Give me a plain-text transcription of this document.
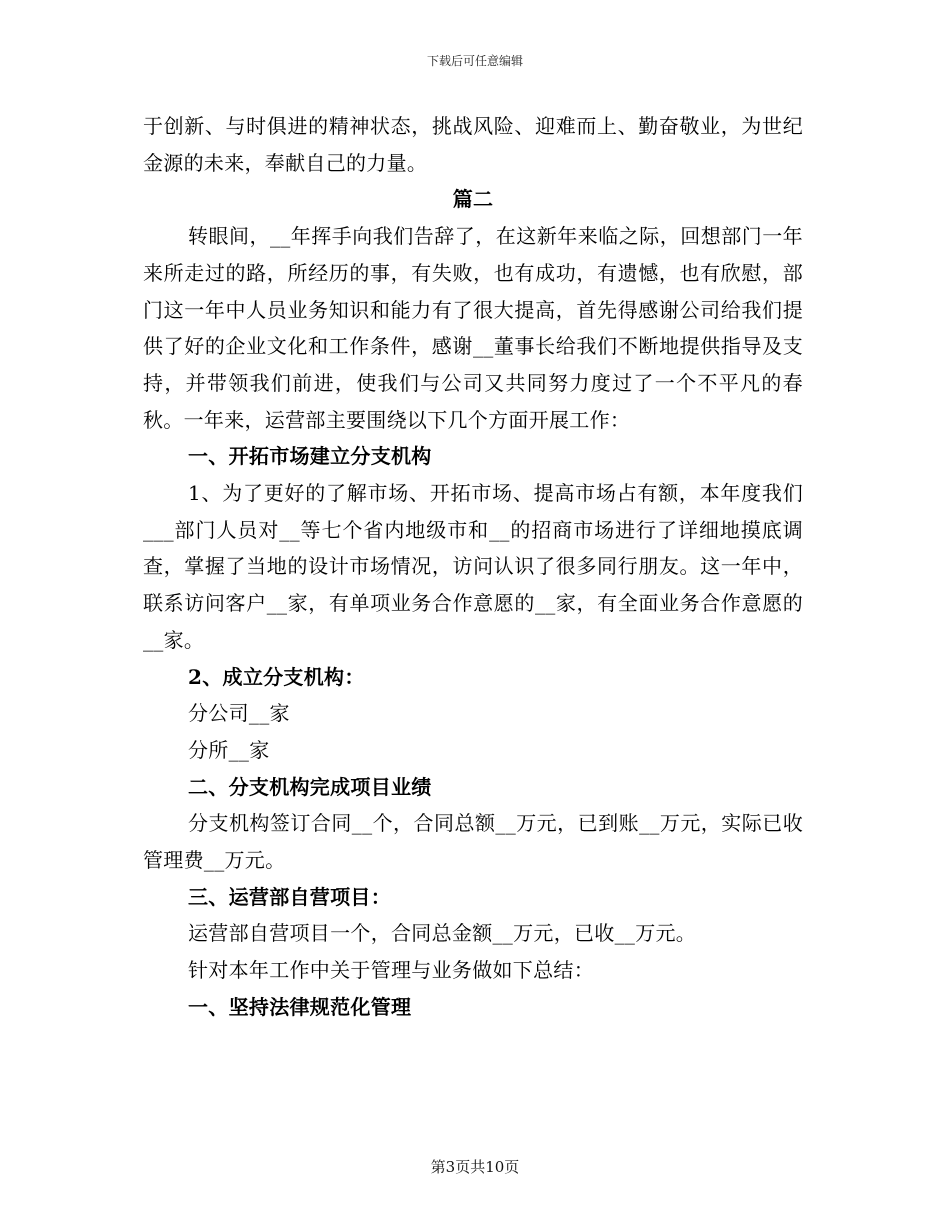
下载后可任意编辑

于创新、与时俱进的精神状态，挑战风险、迎难而上、勤奋敬业，为世纪金源的未来，奉献自己的力量。

篇二

转眼间，__年挥手向我们告辞了，在这新年来临之际，回想部门一年来所走过的路，所经历的事，有失败，也有成功，有遗憾，也有欣慰，部门这一年中人员业务知识和能力有了很大提高，首先得感谢公司给我们提供了好的企业文化和工作条件，感谢__董事长给我们不断地提供指导及支持，并带领我们前进，使我们与公司又共同努力度过了一个不平凡的春秋。一年来，运营部主要围绕以下几个方面开展工作：

一、开拓市场建立分支机构

1、为了更好的了解市场、开拓市场、提高市场占有额，本年度我们___部门人员对__等七个省内地级市和__的招商市场进行了详细地摸底调查，掌握了当地的设计市场情况，访问认识了很多同行朋友。这一年中，联系访问客户__家，有单项业务合作意愿的__家，有全面业务合作意愿的__家。

2、成立分支机构：

分公司__家

分所__家

二、分支机构完成项目业绩

分支机构签订合同__个，合同总额__万元，已到账__万元，实际已收管理费__万元。

三、运营部自营项目：

运营部自营项目一个，合同总金额__万元，已收__万元。

针对本年工作中关于管理与业务做如下总结：

一、坚持法律规范化管理

第3页共10页
